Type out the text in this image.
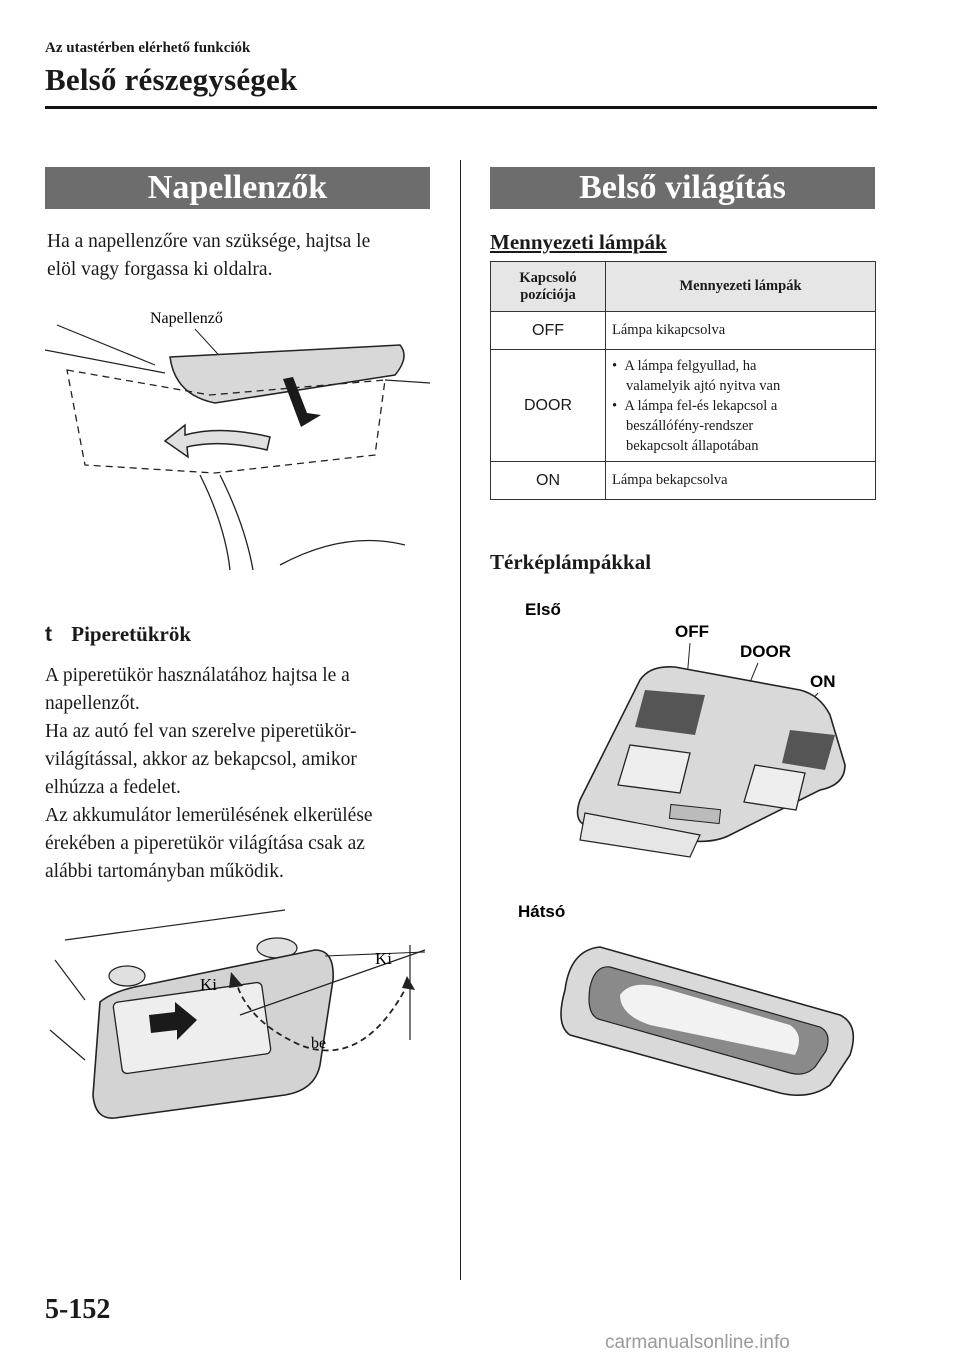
Az utastérben elérhető funkciók
Belső részegységek
Napellenzők
Ha a napellenzőre van szüksége, hajtsa le
elöl vagy forgassa ki oldalra.
Napellenző
t Piperetükrök
A piperetükör használatához hajtsa le a
napellenzőt.
Ha az autó fel van szerelve piperetükör-
világítással, akkor az bekapcsol, amikor
elhúzza a fedelet.
Az akkumulátor lemerülésének elkerülése
érekében a piperetükör világítása csak az
alábbi tartományban működik.
Ki
Ki
be
Belső világítás
Mennyezeti lámpák
Kapcsoló
pozíciója	Mennyezeti lámpák
OFF	Lámpa kikapcsolva
DOOR	•  A lámpa felgyullad, ha
valamelyik ajtó nyitva van
•  A lámpa fel-és lekapcsol a
beszállófény-rendszer
bekapcsolt állapotában

ON	Lámpa bekapcsolva
Térképlámpákkal
Első
OFF
DOOR
ON
Hátsó
5-152
carmanualsonline.info
